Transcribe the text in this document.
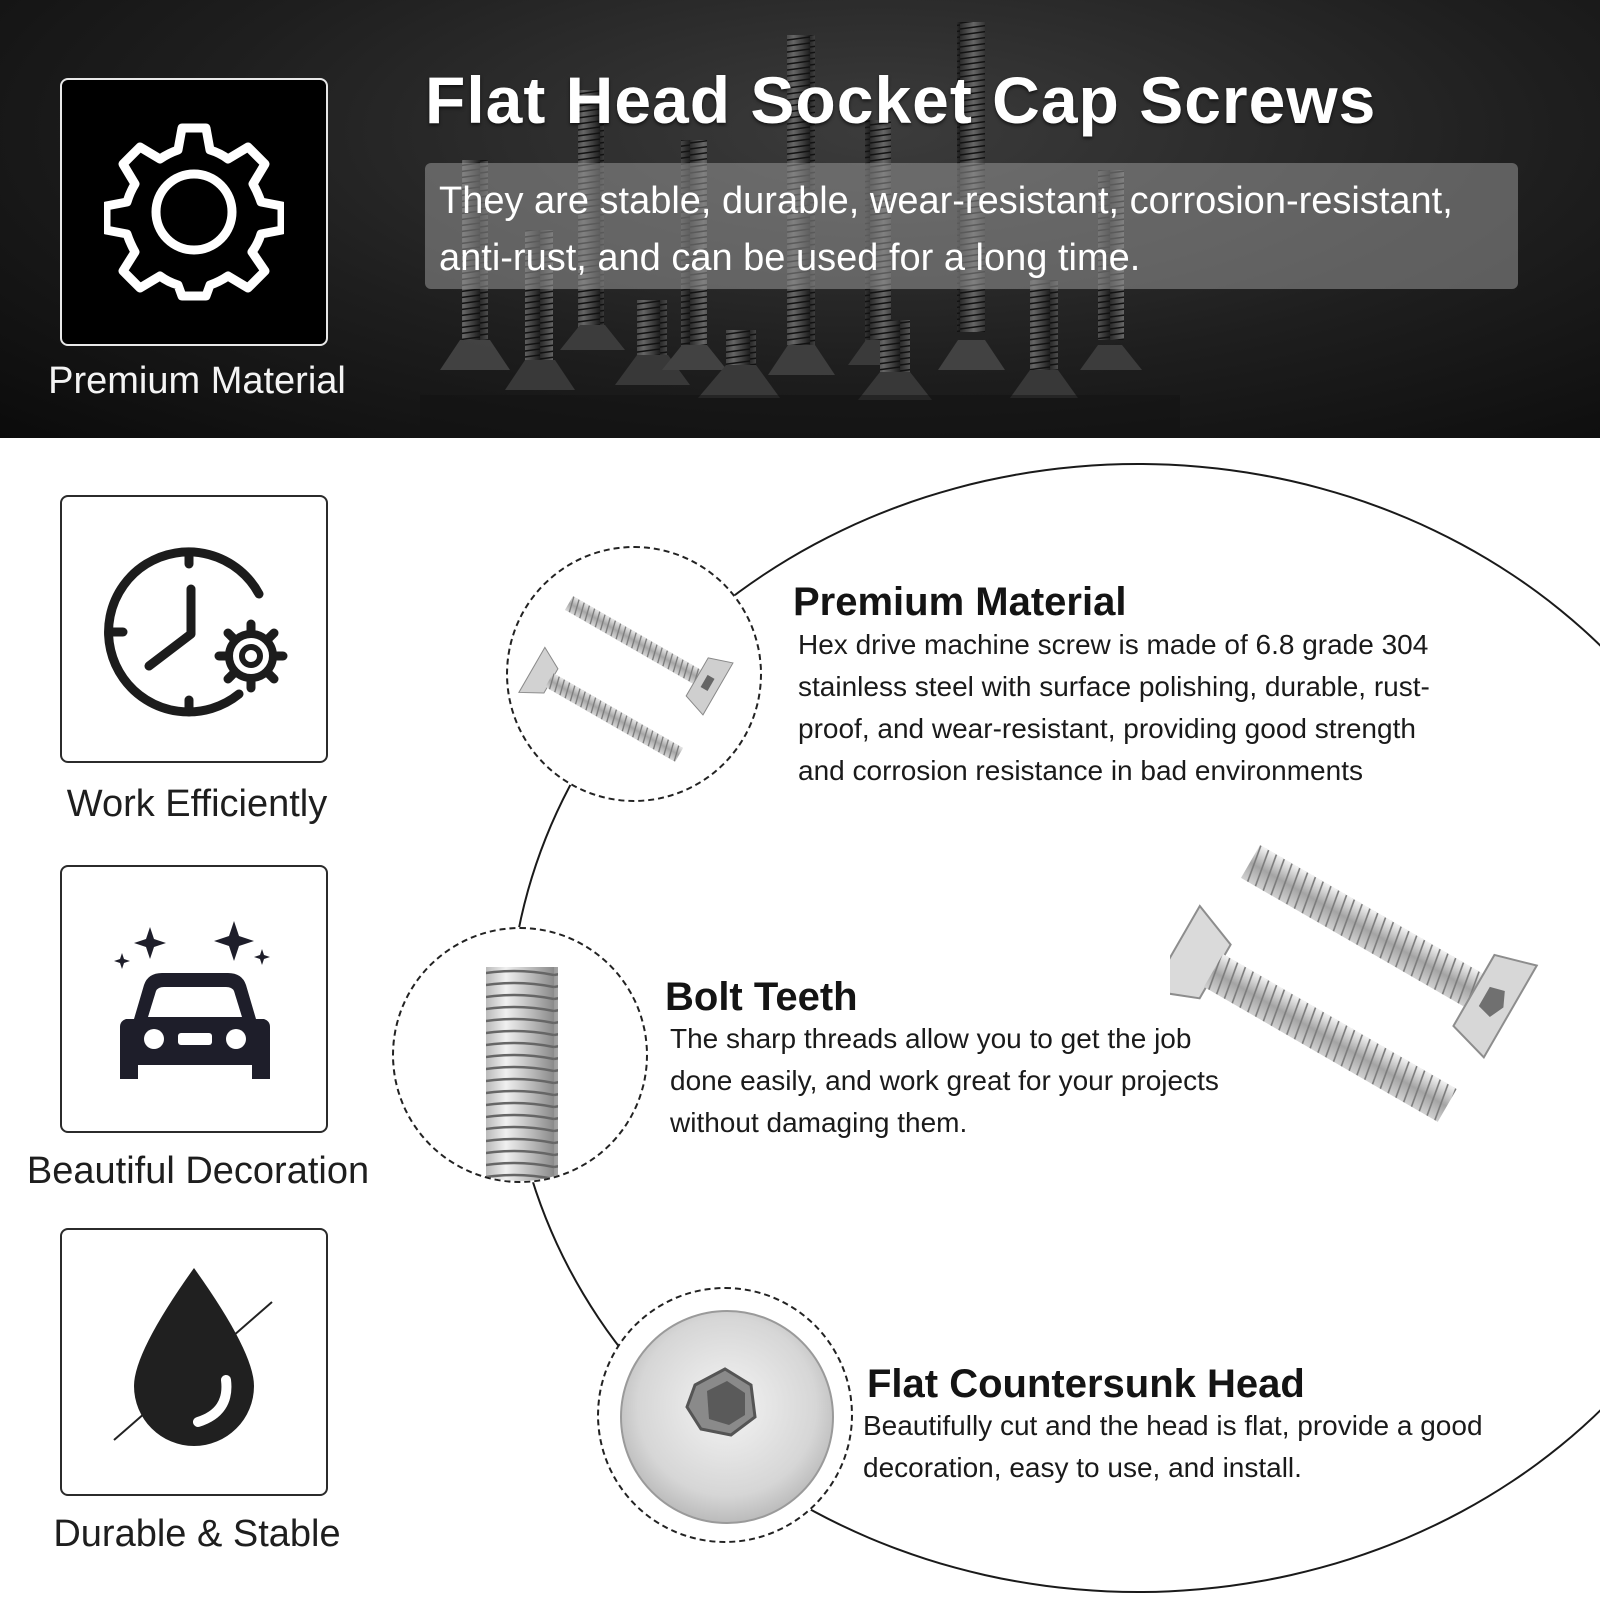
Premium Material
Flat Head Socket Cap Screws
They are stable, durable, wear-resistant, corrosion-resistant, anti-rust, and can be used for a long time.
Work Efficiently
Beautiful Decoration
Durable & Stable
Premium Material
Hex drive machine screw is made of 6.8 grade 304 stainless steel with surface polishing, durable, rust-proof, and wear-resistant, providing good strength and corrosion resistance in bad environments
Bolt Teeth
The sharp threads allow you to get the job done easily, and work great for your projects without damaging them.
Flat Countersunk Head
Beautifully cut and the head is flat, provide a good decoration, easy to use, and install.
